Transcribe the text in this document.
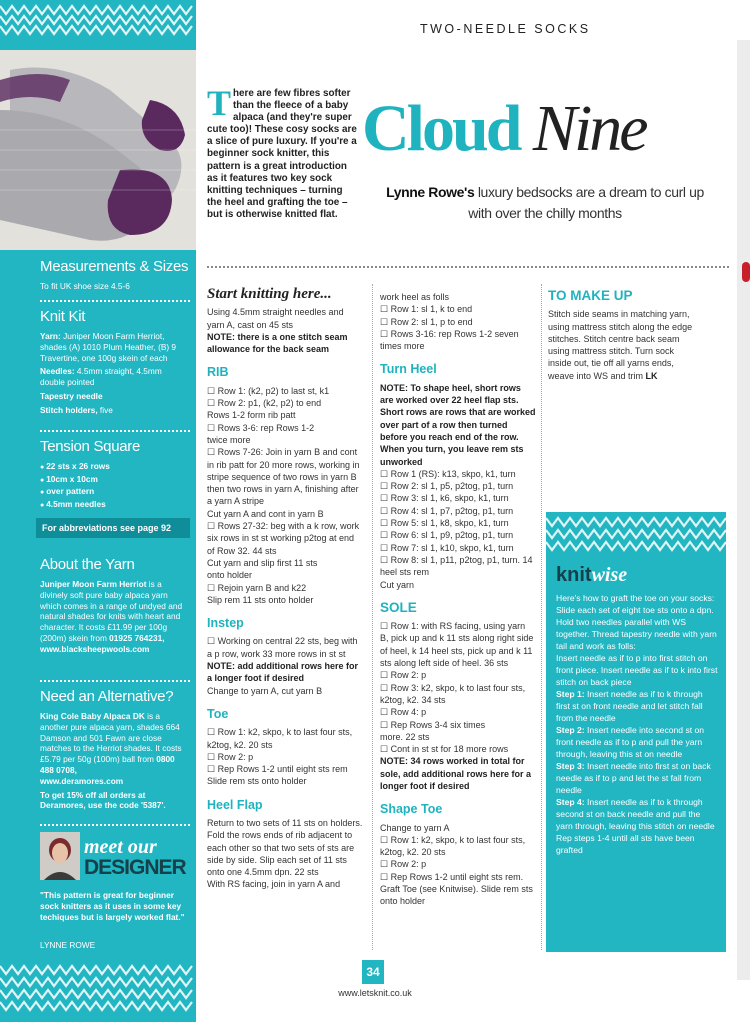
Measurements & Sizes
To fit UK shoe size 4.5-6
Knit Kit
Yarn: Juniper Moon Farm Herriot, shades (A) 1010 Plum Heather, (B) 9 Travertine, one 100g skein of each
Needles: 4.5mm straight, 4.5mm double pointed
Tapestry needle
Stitch holders, five
Tension Square
● 22 sts x 26 rows
● 10cm x 10cm
● over pattern
● 4.5mm needles
For abbreviations see page 92
About the Yarn
Juniper Moon Farm Herriot is a divinely soft pure baby alpaca yarn which comes in a range of undyed and natural shades for knits with heart and character. It costs £11.99 per 100g (200m) skein from 01925 764231,
www.blacksheepwools.com
Need an Alternative?
King Cole Baby Alpaca DK is a another pure alpaca yarn, shades 664 Damson and 501 Fawn are close matches to the Herriot shades. It costs £5.79 per 50g (100m) ball from 0800 488 0708,
www.deramores.com
To get 15% off all orders at Deramores, use the code '5387'.
meet our
DESIGNER
"This pattern is great for beginner sock knitters as it uses in some key techiques but is largely worked flat."
LYNNE ROWE
TWO-NEEDLE SOCKS
There are few fibres softer than the fleece of a baby alpaca (and they're super cute too)! These cosy socks are a slice of pure luxury. If you're a beginner sock knitter, this pattern is a great introduction as it features two key sock knitting techniques – turning the heel and grafting the toe – but is otherwise knitted flat.
Cloud Nine
Lynne Rowe's luxury bedsocks are a dream to curl up with over the chilly months

Start knitting here...

Using 4.5mm straight needles and yarn A, cast on 45 sts

NOTE: there is a one stitch seam allowance for the back seam

RIB

☐ Row 1: (k2, p2) to last st, k1

☐ Row 2: p1, (k2, p2) to end

Rows 1-2 form rib patt

☐ Rows 3-6: rep Rows 1-2

twice more

☐ Rows 7-26: Join in yarn B and cont in rib patt for 20 more rows, working in stripe sequence of two rows in yarn B then two rows in yarn A, finishing after a yarn A stripe

Cut yarn A and cont in yarn B

☐ Rows 27-32: beg with a k row, work six rows in st st working p2tog at end of Row 32. 44 sts

Cut yarn and slip first 11 sts

onto holder

☐ Rejoin yarn B and k22

Slip rem 11 sts onto holder

Instep

☐ Working on central 22 sts, beg with a p row, work 33 more rows in st st

NOTE: add additional rows here for a longer foot if desired

Change to yarn A, cut yarn B

Toe

☐ Row 1: k2, skpo, k to last four sts, k2tog, k2. 20 sts

☐ Row 2: p

☐ Rep Rows 1-2 until eight sts rem

Slide rem sts onto holder

Heel Flap

Return to two sets of 11 sts on holders. Fold the rows ends of rib adjacent to each other so that two sets of sts are side by side. Slip each set of 11 sts onto one 4.5mm dpn. 22 sts

With RS facing, join in yarn A and

work heel as folls

☐ Row 1: sl 1, k to end

☐ Row 2: sl 1, p to end

☐ Rows 3-16: rep Rows 1-2 seven times more

Turn Heel

NOTE: To shape heel, short rows are worked over 22 heel flap sts. Short rows are rows that are worked over part of a row then turned before you reach end of the row. When you turn, you leave rem sts unworked

☐ Row 1 (RS): k13, skpo, k1, turn

☐ Row 2: sl 1, p5, p2tog, p1, turn

☐ Row 3: sl 1, k6, skpo, k1, turn

☐ Row 4: sl 1, p7, p2tog, p1, turn

☐ Row 5: sl 1, k8, skpo, k1, turn

☐ Row 6: sl 1, p9, p2tog, p1, turn

☐ Row 7: sl 1, k10, skpo, k1, turn

☐ Row 8: sl 1, p11, p2tog, p1, turn. 14 heel sts rem

Cut yarn

SOLE

☐ Row 1: with RS facing, using yarn B, pick up and k 11 sts along right side of heel, k 14 heel sts, pick up and k 11 sts along left side of heel. 36 sts

☐ Row 2: p

☐ Row 3: k2, skpo, k to last four sts, k2tog, k2. 34 sts

☐ Row 4: p

☐ Rep Rows 3-4 six times

more. 22 sts

☐ Cont in st st for 18 more rows

NOTE: 34 rows worked in total for sole, add additional rows here for a longer foot if desired

Shape Toe

Change to yarn A

☐ Row 1: k2, skpo, k to last four sts, k2tog, k2. 20 sts

☐ Row 2: p

☐ Rep Rows 1-2 until eight sts rem. Graft Toe (see Knitwise). Slide rem sts onto holder

TO MAKE UP

Stitch side seams in matching yarn, using mattress stitch along the edge stitches. Stitch centre back seam using mattress stitch. Turn sock inside out, tie off all yarns ends, weave into WS and trim LK

knitwise
Here's how to graft the toe on your socks:
Slide each set of eight toe sts onto a dpn. Hold two needles parallel with WS together. Thread tapestry needle with yarn tail and work as folls:
Insert needle as if to p into first stitch on front piece. Insert needle as if to k into first stitch on back piece
Step 1: Insert needle as if to k through first st on front needle and let stitch fall from the needle
Step 2: Insert needle into second st on front needle as if to p and pull the yarn through, leaving this st on needle
Step 3: Insert needle into first st on back needle as if to p and let the st fall from needle
Step 4: Insert needle as if to k through second st on back needle and pull the yarn through, leaving this stitch on needle
Rep steps 1-4 until all sts have been grafted
34
www.letsknit.co.uk
